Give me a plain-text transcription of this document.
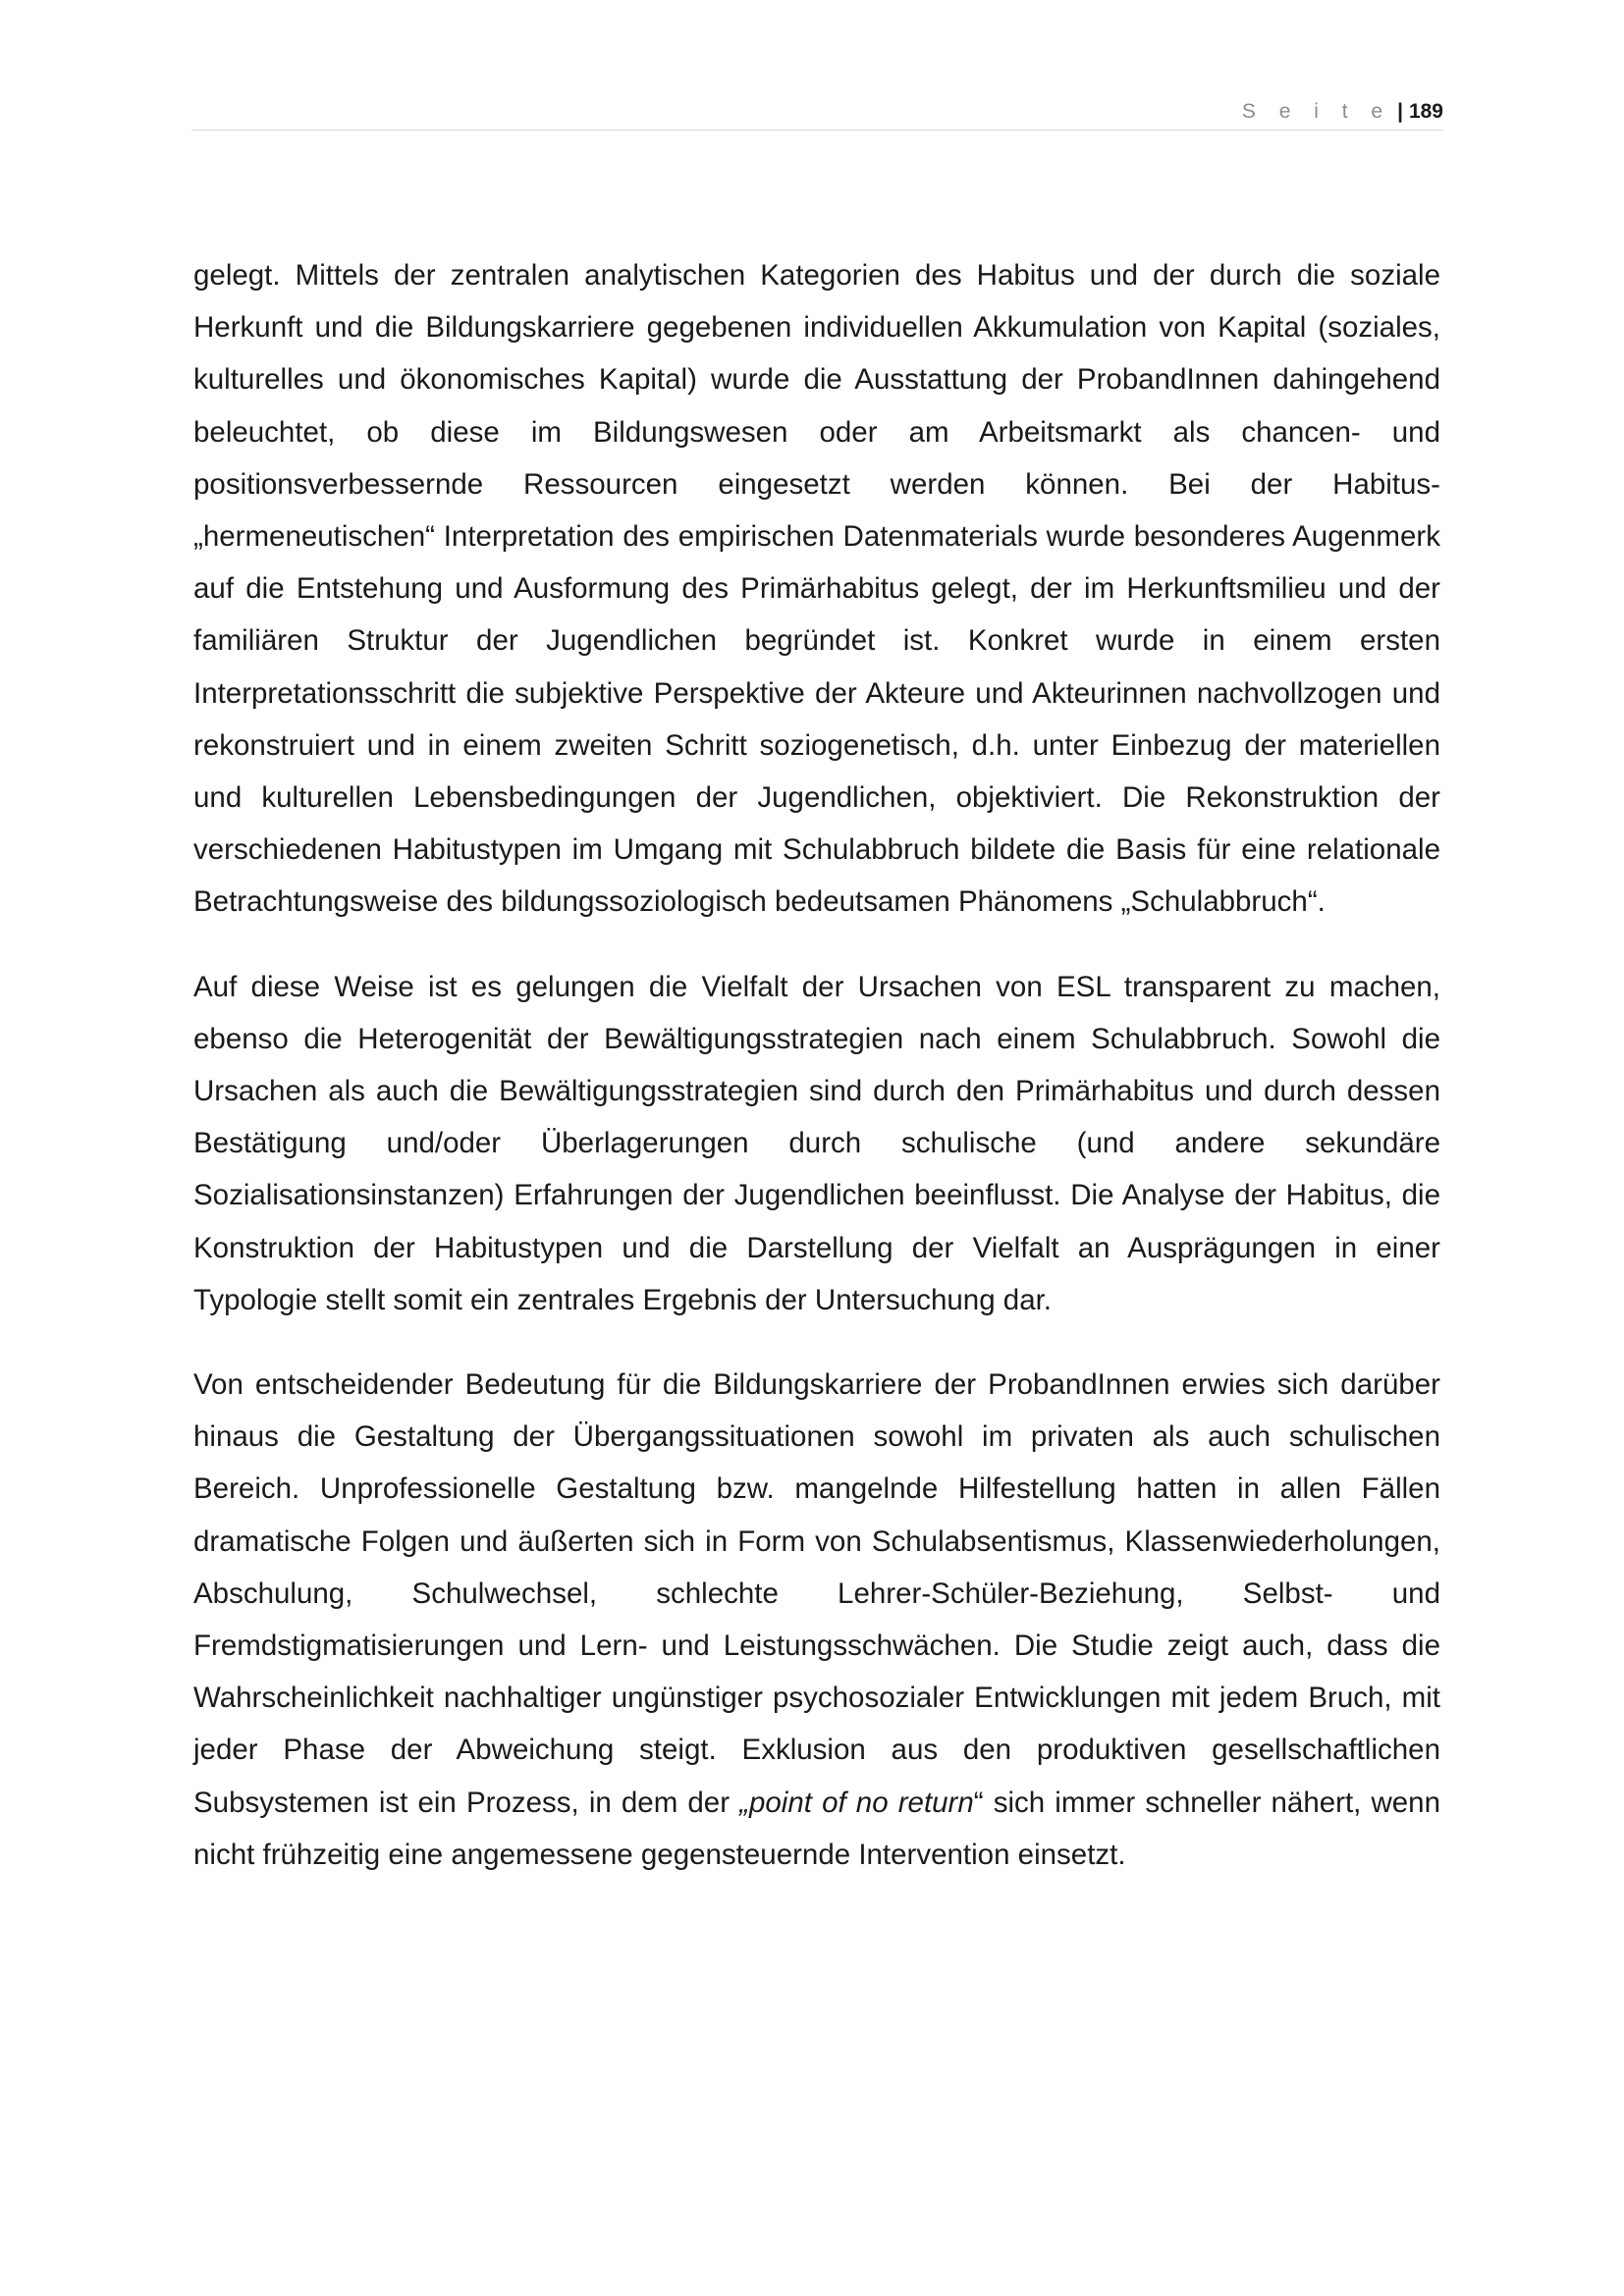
S e i t e | 189

gelegt. Mittels der zentralen analytischen Kategorien des Habitus und der durch die soziale Herkunft und die Bildungskarriere gegebenen individuellen Akkumulation von Kapital (soziales, kulturelles und ökonomisches Kapital) wurde die Ausstattung der ProbandInnen dahingehend beleuchtet, ob diese im Bildungswesen oder am Arbeitsmarkt als chancen- und positionsverbessernde Ressourcen eingesetzt werden können. Bei der Habitus-„hermeneutischen“ Interpretation des empirischen Datenmaterials wurde besonderes Augenmerk auf die Entstehung und Ausformung des Primärhabitus gelegt, der im Herkunftsmilieu und der familiären Struktur der Jugendlichen begründet ist. Konkret wurde in einem ersten Interpretationsschritt die subjektive Perspektive der Akteure und Akteurinnen nachvollzogen und rekonstruiert und in einem zweiten Schritt soziogenetisch, d.h. unter Einbezug der materiellen und kulturellen Lebensbedingungen der Jugendlichen, objektiviert. Die Rekonstruktion der verschiedenen Habitustypen im Umgang mit Schulabbruch bildete die Basis für eine relationale Betrachtungsweise des bildungssoziologisch bedeutsamen Phänomens „Schulabbruch“.

Auf diese Weise ist es gelungen die Vielfalt der Ursachen von ESL transparent zu machen, ebenso die Heterogenität der Bewältigungsstrategien nach einem Schulabbruch. Sowohl die Ursachen als auch die Bewältigungsstrategien sind durch den Primärhabitus und durch dessen Bestätigung und/oder Überlagerungen durch schulische (und andere sekundäre Sozialisationsinstanzen) Erfahrungen der Jugendlichen beeinflusst. Die Analyse der Habitus, die Konstruktion der Habitustypen und die Darstellung der Vielfalt an Ausprägungen in einer Typologie stellt somit ein zentrales Ergebnis der Untersuchung dar.

Von entscheidender Bedeutung für die Bildungskarriere der ProbandInnen erwies sich darüber hinaus die Gestaltung der Übergangssituationen sowohl im privaten als auch schulischen Bereich. Unprofessionelle Gestaltung bzw. mangelnde Hilfestellung hatten in allen Fällen dramatische Folgen und äußerten sich in Form von Schulabsentismus, Klassenwiederholungen, Abschulung, Schulwechsel, schlechte Lehrer-Schüler-Beziehung, Selbst- und Fremdstigmatisierungen und Lern- und Leistungsschwächen. Die Studie zeigt auch, dass die Wahrscheinlichkeit nachhaltiger ungünstiger psychosozialer Entwicklungen mit jedem Bruch, mit jeder Phase der Abweichung steigt. Exklusion aus den produktiven gesellschaftlichen Subsystemen ist ein Prozess, in dem der „point of no return“ sich immer schneller nähert, wenn nicht frühzeitig eine angemessene gegensteuernde Intervention einsetzt.
